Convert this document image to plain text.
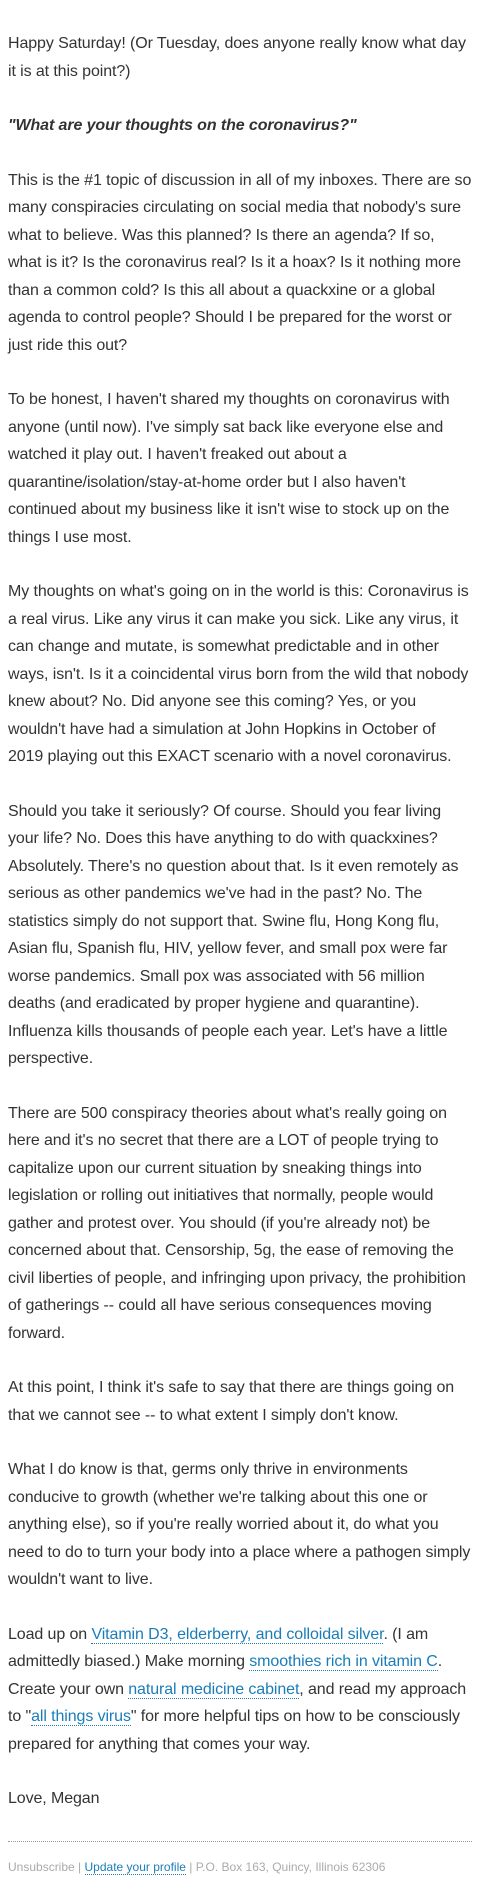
Happy Saturday! (Or Tuesday, does anyone really know what day it is at this point?)

"What are your thoughts on the coronavirus?"

This is the #1 topic of discussion in all of my inboxes. There are so many conspiracies circulating on social media that nobody's sure what to believe. Was this planned? Is there an agenda? If so, what is it? Is the coronavirus real? Is it a hoax? Is it nothing more than a common cold? Is this all about a quackxine or a global agenda to control people? Should I be prepared for the worst or just ride this out?

To be honest, I haven't shared my thoughts on coronavirus with anyone (until now). I've simply sat back like everyone else and watched it play out. I haven't freaked out about a quarantine/isolation/stay-at-home order but I also haven't continued about my business like it isn't wise to stock up on the things I use most.

My thoughts on what's going on in the world is this: Coronavirus is a real virus. Like any virus it can make you sick. Like any virus, it can change and mutate, is somewhat predictable and in other ways, isn't. Is it a coincidental virus born from the wild that nobody knew about? No. Did anyone see this coming? Yes, or you wouldn't have had a simulation at John Hopkins in October of 2019 playing out this EXACT scenario with a novel coronavirus.

Should you take it seriously? Of course. Should you fear living your life? No. Does this have anything to do with quackxines? Absolutely. There's no question about that. Is it even remotely as serious as other pandemics we've had in the past? No. The statistics simply do not support that. Swine flu, Hong Kong flu, Asian flu, Spanish flu, HIV, yellow fever, and small pox were far worse pandemics. Small pox was associated with 56 million deaths (and eradicated by proper hygiene and quarantine). Influenza kills thousands of people each year. Let's have a little perspective.

There are 500 conspiracy theories about what's really going on here and it's no secret that there are a LOT of people trying to capitalize upon our current situation by sneaking things into legislation or rolling out initiatives that normally, people would gather and protest over. You should (if you're already not) be concerned about that. Censorship, 5g, the ease of removing the civil liberties of people, and infringing upon privacy, the prohibition of gatherings -- could all have serious consequences moving forward.

At this point, I think it's safe to say that there are things going on that we cannot see -- to what extent I simply don't know.

What I do know is that, germs only thrive in environments conducive to growth (whether we're talking about this one or anything else), so if you're really worried about it, do what you need to do to turn your body into a place where a pathogen simply wouldn't want to live.

Load up on Vitamin D3, elderberry, and colloidal silver. (I am admittedly biased.) Make morning smoothies rich in vitamin C. Create your own natural medicine cabinet, and read my approach to "all things virus" for more helpful tips on how to be consciously prepared for anything that comes your way.

Love, Megan

Unsubscribe | Update your profile | P.O. Box 163, Quincy, Illinois 62306
